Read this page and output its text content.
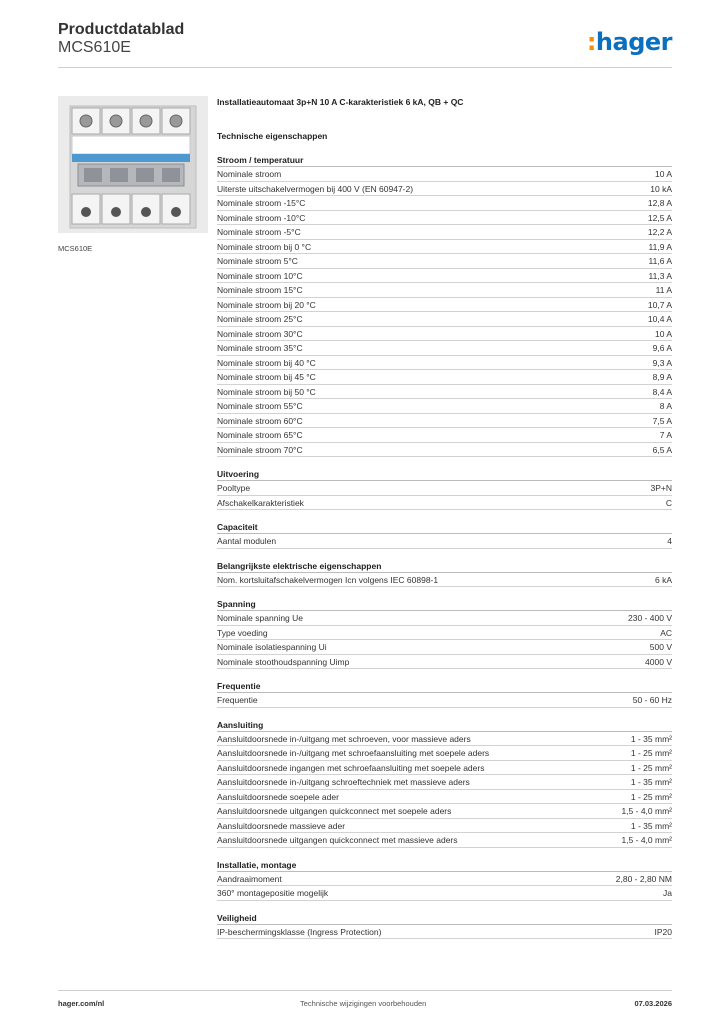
Productdatablad
MCS610E	:hager
MCS610E
Installatieautomaat 3p+N 10 A C-karakteristiek 6 kA, QB + QC
Technische eigenschappen
Stroom / temperatuur
Nominale stroom	10 A
Uiterste uitschakelvermogen bij 400 V (EN 60947-2)	10 kA
Nominale stroom -15°C	12,8 A
Nominale stroom -10°C	12,5 A
Nominale stroom -5°C	12,2 A
Nominale stroom bij 0 °C	11,9 A
Nominale stroom 5°C	11,6 A
Nominale stroom 10°C	11,3 A
Nominale stroom 15°C	11 A
Nominale stroom bij 20 °C	10,7 A
Nominale stroom 25°C	10,4 A
Nominale stroom 30°C	10 A
Nominale stroom 35°C	9,6 A
Nominale stroom bij 40 °C	9,3 A
Nominale stroom bij 45 °C	8,9 A
Nominale stroom bij 50 °C	8,4 A
Nominale stroom 55°C	8 A
Nominale stroom 60°C	7,5 A
Nominale stroom 65°C	7 A
Nominale stroom 70°C	6,5 A
Uitvoering
Pooltype	3P+N
Afschakelkarakteristiek	C
Capaciteit
Aantal modulen	4
Belangrijkste elektrische eigenschappen
Nom. kortsluitafschakelvermogen Icn volgens IEC 60898-1	6 kA
Spanning
Nominale spanning Ue	230 - 400 V
Type voeding	AC
Nominale isolatiespanning Ui	500 V
Nominale stoothoudspanning Uimp	4000 V
Frequentie
Frequentie	50 - 60 Hz
Aansluiting
Aansluitdoorsnede in-/uitgang met schroeven, voor massieve aders	1 - 35 mm²
Aansluitdoorsnede in-/uitgang met schroefaansluiting met soepele aders	1 - 25 mm²
Aansluitdoorsnede ingangen met schroefaansluiting met soepele aders	1 - 25 mm²
Aansluitdoorsnede in-/uitgang schroeftechniek met massieve aders	1 - 35 mm²
Aansluitdoorsnede soepele ader	1 - 25 mm²
Aansluitdoorsnede uitgangen quickconnect met soepele aders	1,5 - 4,0 mm²
Aansluitdoorsnede massieve ader	1 - 35 mm²
Aansluitdoorsnede uitgangen quickconnect met massieve aders	1,5 - 4,0 mm²
Installatie, montage
Aandraaimoment	2,80 - 2,80 NM
360° montagepositie mogelijk	Ja
Veiligheid
IP-beschermingsklasse (Ingress Protection)	IP20
hager.com/nl	Technische wijzigingen voorbehouden	07.03.2026
